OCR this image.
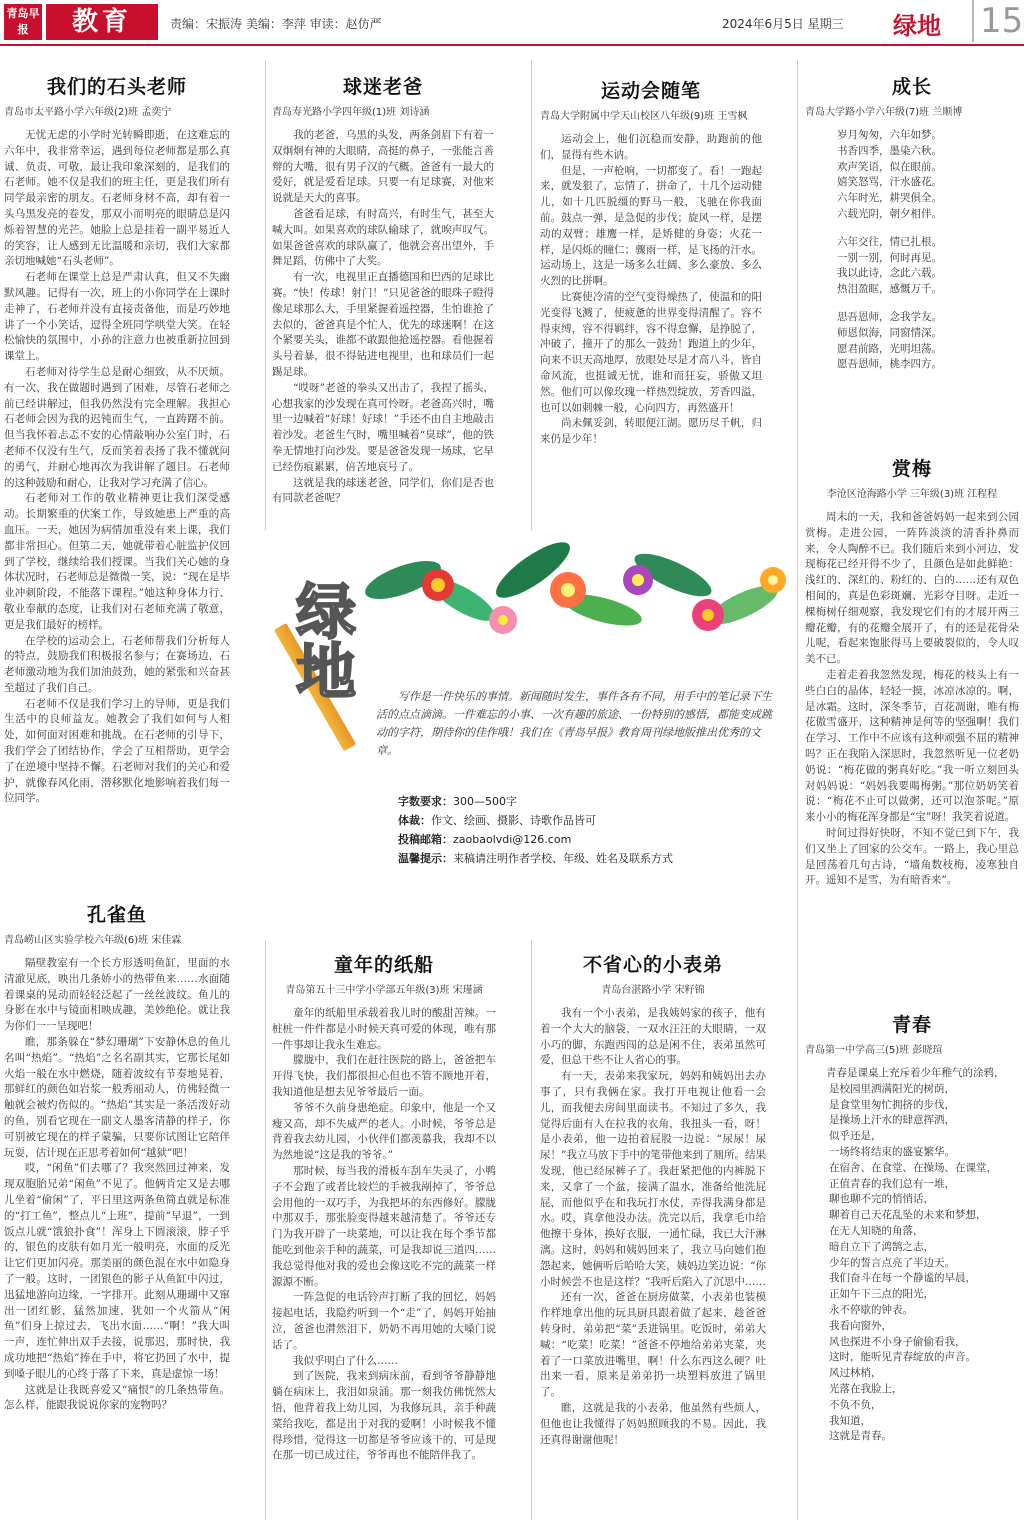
青岛早报	教育	责编：宋振涛 美编：李萍 审读：赵仿严	2024年6月5日 星期三 绿地 15
我们的石头老师
青岛市太平路小学六年级(2)班 孟奕宁

无忧无虑的小学时光转瞬即逝，在这难忘的六年中，我非常幸运，遇到每位老师都是那么真诚、负责、可敬，最让我印象深刻的，是我们的石老师。她不仅是我们的班主任，更是我们所有同学最亲密的朋友。石老师身材不高，却有着一头乌黑发亮的卷发，那双小而明亮的眼睛总是闪烁着智慧的光芒。她脸上总是挂着一副平易近人的笑容，让人感到无比温暖和亲切，我们大家都亲切地喊她“石头老师”。

石老师在课堂上总是严肃认真，但又不失幽默风趣。记得有一次，班上的小你同学在上课时走神了，石老师并没有直接责备他，而是巧妙地讲了一个小笑话，逗得全班同学哄堂大笑。在轻松愉快的氛围中，小孙的注意力也被重新拉回到课堂上。

石老师对待学生总是耐心细致，从不厌烦。有一次，我在做题时遇到了困难，尽管石老师之前已经讲解过，但我仍然没有完全理解。我担心石老师会因为我的迟钝而生气，一直踌躇不前。但当我怀着忐忑不安的心情敲响办公室门时，石老师不仅没有生气，反而笑着表扬了我不懂就问的勇气，并耐心地再次为我讲解了题目。石老师的这种鼓励和耐心，让我对学习充满了信心。

石老师对工作的敬业精神更让我们深受感动。长期繁重的伏案工作，导致她患上严重的高血压。一天，她因为病情加重没有来上课，我们都非常担心。但第二天，她就带着心脏监护仪回到了学校，继续给我们授课。当我们关心她的身体状况时，石老师总是微微一笑，说：“现在是毕业冲刺阶段，不能落下课程。”她这种身体力行、敬业奉献的态度，让我们对石老师充满了敬意，更是我们最好的榜样。

在学校的运动会上，石老师帮我们分析每人的特点，鼓励我们积极报名参与；在赛场边，石老师激动地为我们加油鼓劲，她的紧张和兴奋甚至超过了我们自己。

石老师不仅是我们学习上的导师，更是我们生活中的良师益友。她教会了我们如何与人相处，如何面对困难和挑战。在石老师的引导下，我们学会了团结协作，学会了互相帮助，更学会了在逆境中坚持不懈。石老师对我们的关心和爱护，就像春风化雨，潜移默化地影响着我们每一位同学。

孔雀鱼
青岛崂山区实验学校六年级(6)班 宋佳霖

隔壁教室有一个长方形透明鱼缸，里面的水清澈见底，映出几条娇小的热带鱼来……水面随着课桌的晃动而轻轻泛起了一丝丝波纹。鱼儿的身影在水中与镜面相映成趣，美妙绝伦。就让我为你们一一呈现吧！

瞧，那条躲在“梦幻珊瑚”下安静休息的鱼儿名叫“热焰”。“热焰”之名名副其实，它那长尾如火焰一般在水中燃烧，随着波纹有节奏地晃着，那鲜红的颜色如岩浆一般秀丽动人，仿佛轻微一触就会被灼伤似的。“热焰”其实是一条活泼好动的鱼，别看它现在一副文人墨客清静的样子，你可别被它现在的样子蒙骗，只要你试图让它陪伴玩耍，估计现在正思考着如何“越狱”吧！

哎，“闲鱼”们去哪了？我突然回过神来，发现双胞胎兄弟“闲鱼”不见了。他俩肯定又是去哪儿坐着“偷闲”了，平日里这两条鱼简直就是标准的“打工鱼”，整点儿“上班”，提前“早退”，一到饭点儿就“饿狼扑食”！浑身上下圆滚滚，脖子乎的，银色的皮肤有如月光一般明亮，水面的反光让它们更加闪亮。那美丽的颜色混在水中如隐身了一般。这时，一团银色的影子从鱼缸中闪过，迅猛地游向边缘，一字排开。此刻从珊瑚中又窜出一团红影，猛然加速，犹如一个火箭从“闲鱼”们身上掠过去，飞出水面……“啊！”我大叫一声，连忙伸出双手去接，说那迟，那时快，我成功地把“热焰”捧在手中，将它扔回了水中，提到嗓子眼儿的心终于落了下来，真是虚惊一场！

这就是让我既喜爱又“痛恨”的几条热带鱼。怎么样，能跟我说说你家的宠物吗？

球迷老爸
青岛寿光路小学四年级(1)班 刘诗涵

我的老爸，乌黑的头发，两条剑眉下有着一双炯炯有神的大眼睛，高挺的鼻子，一张能言善辩的大嘴，很有男子汉的气概。爸爸有一最大的爱好，就是爱看足球。只要一有足球赛，对他来说就是天大的喜事。

爸爸看足球，有时高兴，有时生气，甚至大喊大叫。如果喜欢的球队输球了，就唉声叹气。如果爸爸喜欢的球队赢了，他就会喜出望外，手舞足蹈，仿佛中了大奖。

有一次，电视里正直播德国和巴西的足球比赛。“快！传球！射门！”只见爸爸的眼珠子瞪得像足球那么大，手里紧握着遥控器，生怕谁抢了去似的，爸爸真是个忙人，优先的球迷啊！在这个紧要关头，谁都不敢跟他抢遥控器。看他握着头号着暴，很不得钻进电视里，也和球员们一起踢足球。

“哎呀”老爸的拳头又出击了，我捏了摇头，心想我家的沙发现在真可怜呀。老爸高兴时，嘴里一边喊着“好球！好球！”手还不由自主地敲击着沙发。老爸生气时，嘴里喊着“臭球”，他的铁拳无情地打向沙发。要是爸爸发现一场球，它早已经伤痕累累，倍苦地哀号了。

这就是我的球迷老爸，同学们，你们是否也有同款老爸呢？

运动会随笔
青岛大学附属中学天山校区八年级(9)班 王雪枫

运动会上，他们沉稳而安静，助跑前的他们，显得有些木讷。

但是，一声枪响，一切都变了。看！一跑起来，就发狠了，忘情了，拼命了，十几个运动健儿，如十几匹脱缰的野马一般，飞驰在你我面前。鼓点一弹，是急促的步伐；旋风一样，是摆动的双臂；雄鹰一样，是矫健的身姿；火花一样，是闪烁的瞳仁；骤雨一样，是飞扬的汗水。运动场上，这是一场多么壮阔、多么豪放、多么火烈的比拼啊。

比赛使冷清的空气变得燥热了，使温和的阳光变得飞溅了，使疲惫的世界变得清醒了。容不得束缚，容不得羁绊，容不得怠懈，是挣脱了，冲破了，撞开了的那么一鼓劲！跑道上的少年，向来不识天高地厚，放眼处尽是才高八斗，皆自命风流，也挺诚无忧，谁和而狂妄，骄傲又坦然。他们可以像玫瑰一样热烈绽放，芳香四溢，也可以如刺棘一般，心向四方，再然盛开！

尚未佩妥剑，转眼便江湖。愿历尽千帆，归来仍是少年！

成长
青岛大学路小学六年级(7)班 兰顺博

岁月匆匆，六年如梦。

书香四季，墨染六秋。

欢声笑语，似在眼前。

嬉笑怒骂，汗水盛花。

六年时光，耕哭俱全。

六载光阴，朝夕相伴。

六年交往，情已扎根。

一别一别，何时再见。

我以此诗，念此六载。

热泪盈眶，感慨万千。

思吾恩师，念我学友。

师恩似海，同窗情深。

愿君前路，光明坦荡。

愿吾恩师，桃李四方。

赏梅
李沧区沧海路小学 三年级(3)班 江程程

周末的一天，我和爸爸妈妈一起来到公园赏梅。走进公园，一阵阵淡淡的清香扑鼻而来，令人陶醉不已。我们随后来到小河边，发现梅花已经开得不少了，且颜色是如此鲜艳：浅红的、深红的、粉红的、白的……还有双色相间的，真是色彩斑斓、光彩夺目呀。走近一棵梅树仔细观察，我发现它们有的才展开两三瓣花瓣，有的花瓣全展开了，有的还是花骨朵儿呢，看起来饱胀得马上要破裂似的，令人叹美不已。

走着走着我忽然发现，梅花的枝头上有一些白白的晶体，轻轻一摸，冰凉冰凉的。啊，是冰霜。这时，深冬季节，百花凋谢，唯有梅花傲雪盛开，这种精神是何等的坚强啊！我们在学习、工作中不应该有这种顽强不屈的精神吗？正在我陷入深思时，我忽然听见一位老奶奶说：“梅花做的粥真好吃。”我一听立刻回头对妈妈说：“妈妈我要喝梅粥。”那位奶奶笑着说：“梅花不止可以做粥，还可以泡茶呢。”原来小小的梅花浑身都是“宝”呀！我笑着说道。

时间过得好快呀，不知不觉已到下午，我们又坐上了回家的公交车。一路上，我心里总是回荡着几句古诗，“墙角数枝梅，凌寒独自开。遥知不是雪，为有暗香来”。

童年的纸船
青岛第五十三中学小学部五年级(3)班 宋瑾涵

童年的纸船里承载着我儿时的酸甜苦辣。一桩桩一件件都是小时候天真可爱的体现，唯有那一件事却让我永生难忘。

朦胧中，我们在赶往医院的路上，爸爸把车开得飞快，我们都很担心但也不管不顾地开着，我知道他是想去见爷爷最后一面。

爷爷不久前身患绝症。印象中，他是一个又瘦又高，却不失威严的老人。小时候，爷爷总是背着我去幼儿园，小伙伴们都羡慕我，我却不以为然地说“这是我的爷爷。”

那时候，每当我的滑板车刮车失灵了，小鸭子不会跑了或者比较烂的手被我剐掉了，爷爷总会用他的一双巧手，为我把坏的东西修好。朦胧中那双手，那张脸变得越来越清楚了。爷爷还专门为我开辟了一块菜地，可以让我在每个季节都能吃到他亲手种的蔬菜，可是我却说三道四……我总觉得他对我的爱也会像这吃不完的蔬菜一样源源不断。

一阵急促的电话铃声打断了我的回忆，妈妈接起电话，我隐约听到一个“走”了，妈妈开始抽泣，爸爸也潸然泪下，奶奶不再用她的大嗓门说话了。

我似乎明白了什么……

到了医院，我来到病床前，看到爷爷静静地躺在病床上，我泪如泉涌。那一刻我仿佛恍然大悟，他背着我上幼儿园，为我修玩具，亲手种蔬菜给我吃，都是出于对我的爱啊！小时候我不懂得珍惜，觉得这一切都是爷爷应该干的，可是现在那一切已成过往，爷爷再也不能陪伴我了。

不省心的小表弟
青岛台湛路小学 宋籽锦

我有一个小表弟，是我姨妈家的孩子，他有着一个大大的脑袋，一双水汪汪的大眼睛，一双小巧的脚，东跑西闯的总是闲不住，表弟虽然可爱，但总干些不让人省心的事。

有一天，表弟来我家玩，妈妈和姨妈出去办事了，只有我俩在家。我打开电视让他看一会儿，而我便去房间里面读书。不知过了多久，我觉得后面有人在拉我的衣角，我扭头一看，呀！是小表弟，他一边拍着屁股一边说：“尿尿！尿尿！”我立马放下手中的笔带他来到了厕所。结果发现，他已经尿裤子了。我赶紧把他的内裤脱下来，又拿了一个盆，接满了温水，准备给他洗屁屁，而他似乎在和我玩打水仗，弄得我满身都是水。哎，真拿他没办法。洗完以后，我拿毛巾给他擦干身体，换好衣服，一通忙碌，我已大汗淋漓。这时，妈妈和姨妈回来了，我立马向她们抱怨起来，她俩听后哈哈大笑，姨妈边笑边说：“你小时候尝不也是这样？”我听后陷入了沉思中……

还有一次，爸爸在厨房做菜，小表弟也装模作样地拿出他的玩具厨具跟着做了起来，趁爸爸转身时，弟弟把“菜”丢进锅里。吃饭时，弟弟大喊：“吃菜！吃菜！”爸爸不停地给弟弟夹菜，夹着了一口菜放进嘴里，啊！什么东西这么硬？吐出来一看，原来是弟弟扔一块塑料放进了锅里了。

瞧，这就是我的小表弟，他虽然有些烦人，但他也让我懂得了妈妈照顾我的不易。因此，我还真得谢谢他呢！

青春
青岛第一中学高三(5)班 彭晓瑄

青春是课桌上充斥着少年稚气的涂鸦，

是校园里洒满阳光的树荫，

是食堂里匆忙拥挤的步伐，

是操场上汗水的肆意挥洒，

似乎还是，

一场终将结束的盛宴繁华。

在宿舍、在食堂、在操场、在课堂，

正值青春的我们总有一堆，

聊也聊不完的悄悄话，

聊着自己天花乱坠的未来和梦想，

在无人知晓的角落，

暗自立下了鸿鹄之志，

少年的誓言点亮了半边天。

我们奋斗在每一个静谧的早晨，

正如午下三点的阳光，

永不停歇的钟表。

我看向窗外，

风也探进不小身子偷偷看我，

这时，能听见青春绽放的声音。

风过林梢，

光落在我脸上，

不负不负，

我知道，

这就是青春。

绿地	写作是一件快乐的事情。新闻随时发生，事件各有不同，用手中的笔记录下生活的点点滴滴。一件难忘的小事、一次有趣的旅途、一份特别的感悟，都能变成跳动的字符，期待你的佳作哦！我们在《青岛早报》教育周刊绿地版推出优秀的文章。
字数要求：300—500字
体裁：作文、绘画、摄影、诗歌作品皆可
投稿邮箱：zaobaolvdi@126.com
温馨提示：来稿请注明作者学校、年级、姓名及联系方式
